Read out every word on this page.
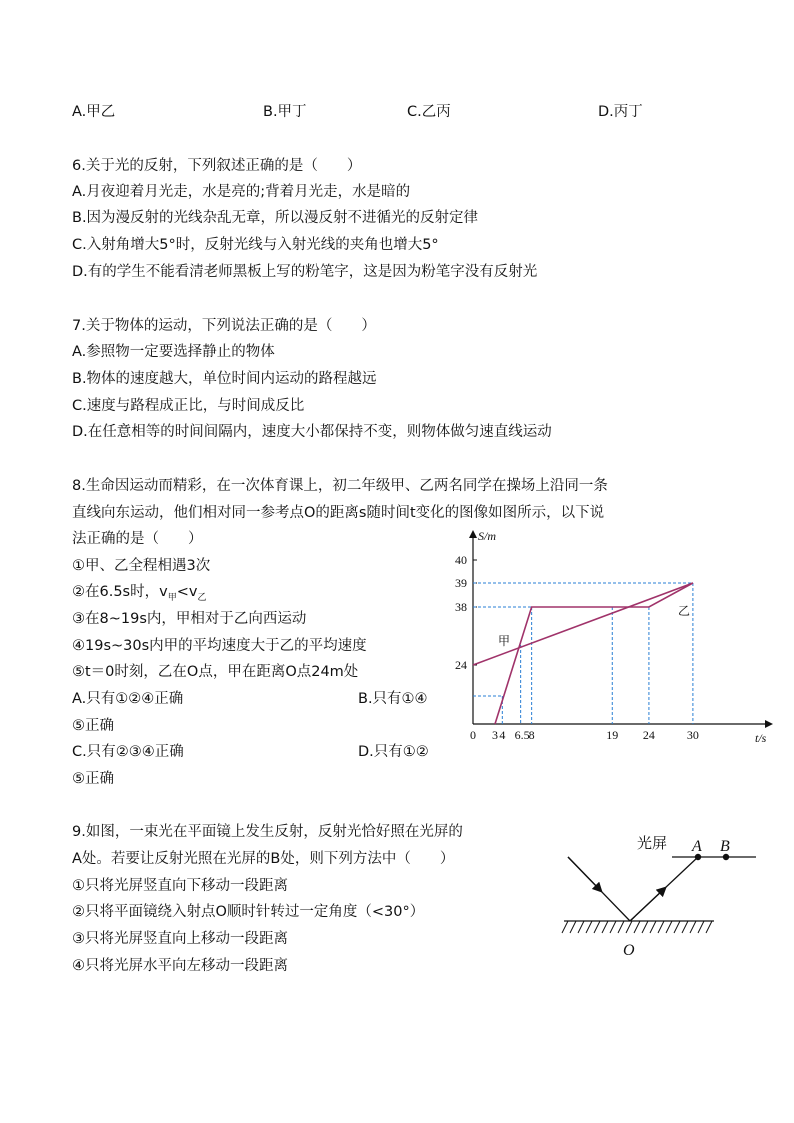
A.甲乙	B.甲丁	C.乙丙	D.丙丁
6.关于光的反射，下列叙述正确的是（　　）
A.月夜迎着月光走，水是亮的;背着月光走，水是暗的
B.因为漫反射的光线杂乱无章，所以漫反射不进循光的反射定律
C.入射角增大5°时，反射光线与入射光线的夹角也增大5°
D.有的学生不能看清老师黑板上写的粉笔字，这是因为粉笔字没有反射光
7.关于物体的运动，下列说法正确的是（　　）
A.参照物一定要选择静止的物体
B.物体的速度越大，单位时间内运动的路程越远
C.速度与路程成正比，与时间成反比
D.在任意相等的时间间隔内，速度大小都保持不变，则物体做匀速直线运动
8.生命因运动而精彩，在一次体育课上，初二年级甲、乙两名同学在操场上沿同一条
直线向东运动，他们相对同一参考点O的距离s随时间t变化的图像如图所示，以下说
法正确的是（　　）
①甲、乙全程相遇3次
②在6.5s时，$v_甲<v_乙$
③在8~19s内，甲相对于乙向西运动
④19s~30s内甲的平均速度大于乙的平均速度
⑤t＝0时刻，乙在O点，甲在距离O点24m处
A.只有①②④正确	B.只有①④
⑤正确
C.只有②③④正确	D.只有①②
⑤正确
S/m
t/s
24
38
39
40
0 3 4 6.5
8	19 24	30
甲
乙
9.如图，一束光在平面镜上发生反射，反射光恰好照在光屏的
A处。若要让反射光照在光屏的B处，则下列方法中（　　）
①只将光屏竖直向下移动一段距离
②只将平面镜绕入射点O顺时针转过一定角度（<30°）
③只将光屏竖直向上移动一段距离
④只将光屏水平向左移动一段距离
光屏 A B
O
